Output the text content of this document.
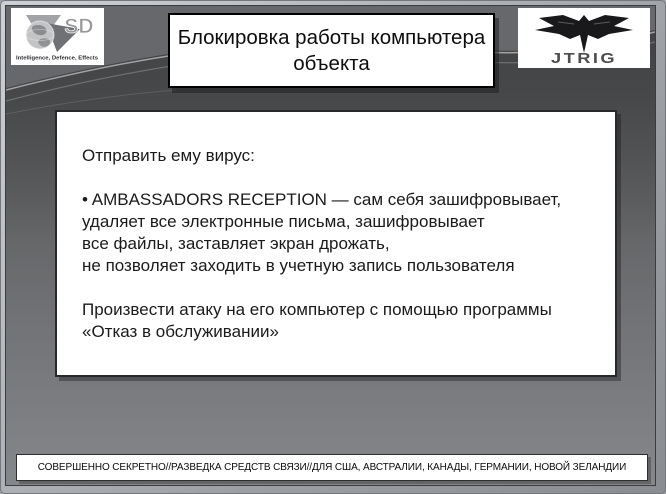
SD
Intelligence, Defence, Effects
Блокировка работы компьютера объекта	JTRIG
Отправить ему вирус:
• AMBASSADORS RECEPTION — сам себя зашифровывает,
удаляет все электронные письма, зашифровывает
все файлы, заставляет экран дрожать,
не позволяет заходить в учетную запись пользователя
Произвести атаку на его компьютер с помощью программы
«Отказ в обслуживании»
СОВЕРШЕННО СЕКРЕТНО//РАЗВЕДКА СРЕДСТВ СВЯЗИ//ДЛЯ США, АВСТРАЛИИ, КАНАДЫ, ГЕРМАНИИ, НОВОЙ ЗЕЛАНДИИ
